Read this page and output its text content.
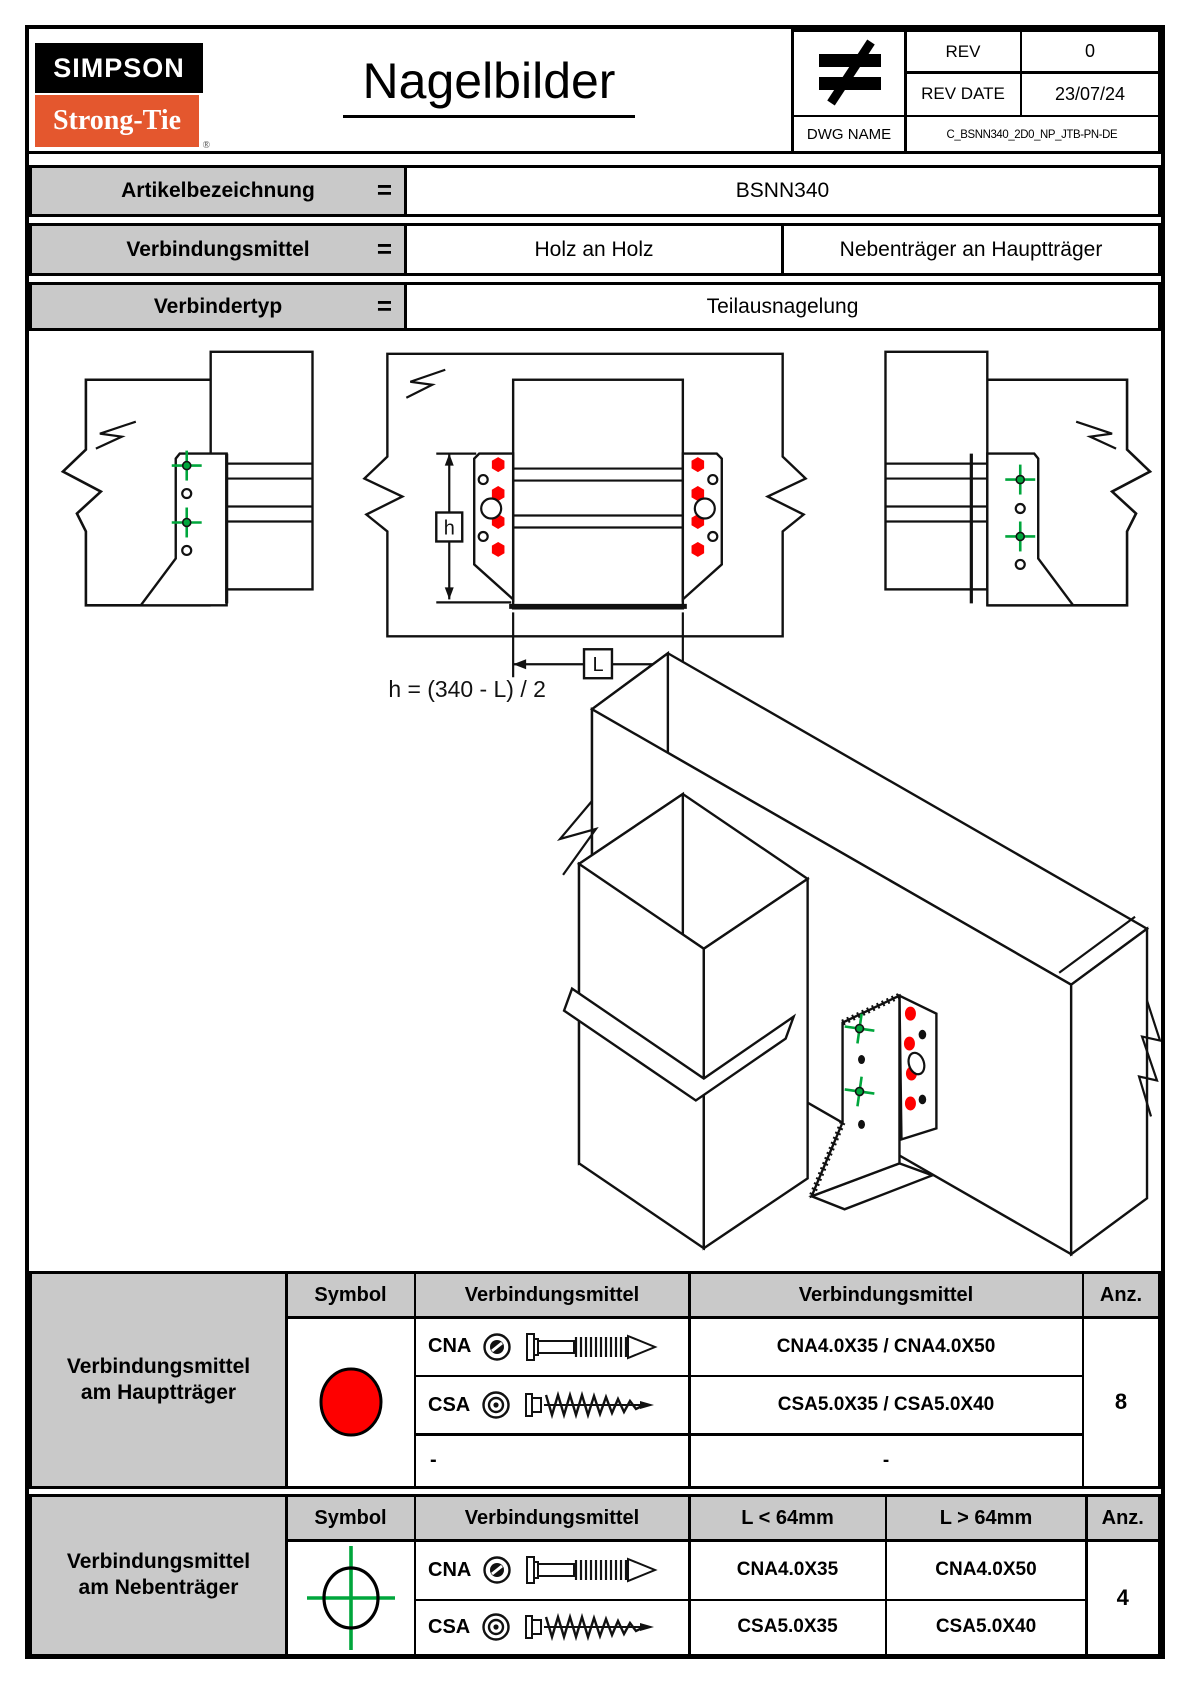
SIMPSON
Strong-Tie
®
Nagelbilder
REV	0
REV DATE	23/07/24
DWG NAME	C_BSNN340_2D0_NP_JTB-PN-DE
Artikelbezeichnung =	BSNN340
Verbindungsmittel	=	Holz an Holz	Nebenträger an Hauptträger
Verbindertyp	=	Teilausnagelung
h
L
h = (340 - L) / 2
Verbindungsmittel
am Hauptträger
Symbol	Verbindungsmittel	Verbindungsmittel	Anz.
CNA	CNA4.0X35 / CNA4.0X50
8
CSA	CSA5.0X35 / CSA5.0X40
-	-
Verbindungsmittel
am Nebenträger
Symbol	Verbindungsmittel	L < 64mm	L > 64mm	Anz.
CNA	CNA4.0X35	CNA4.0X50
4
CSA	CSA5.0X35	CSA5.0X40
